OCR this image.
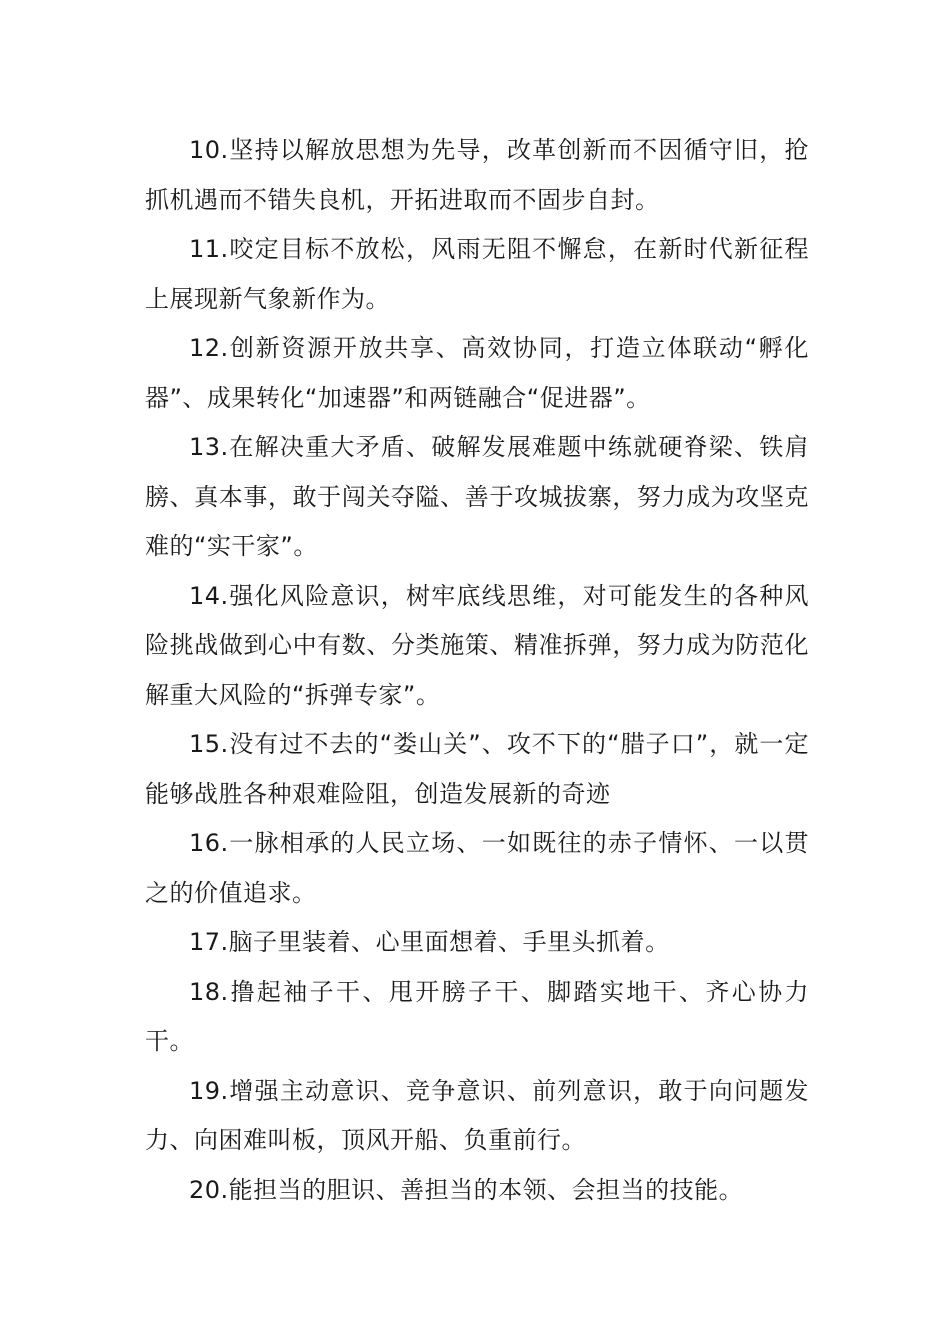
10.坚持以解放思想为先导，改革创新而不因循守旧，抢抓机遇而不错失良机，开拓进取而不固步自封。

11.咬定目标不放松，风雨无阻不懈怠，在新时代新征程上展现新气象新作为。

12.创新资源开放共享、高效协同，打造立体联动“孵化器”、成果转化“加速器”和两链融合“促进器”。

13.在解决重大矛盾、破解发展难题中练就硬脊梁、铁肩膀、真本事，敢于闯关夺隘、善于攻城拔寨，努力成为攻坚克难的“实干家”。

14.强化风险意识，树牢底线思维，对可能发生的各种风险挑战做到心中有数、分类施策、精准拆弹，努力成为防范化解重大风险的“拆弹专家”。

15.没有过不去的“娄山关”、攻不下的“腊子口”，就一定能够战胜各种艰难险阻，创造发展新的奇迹

16.一脉相承的人民立场、一如既往的赤子情怀、一以贯之的价值追求。

17.脑子里装着、心里面想着、手里头抓着。

18.撸起袖子干、甩开膀子干、脚踏实地干、齐心协力干。

19.增强主动意识、竞争意识、前列意识，敢于向问题发力、向困难叫板，顶风开船、负重前行。

20.能担当的胆识、善担当的本领、会担当的技能。
